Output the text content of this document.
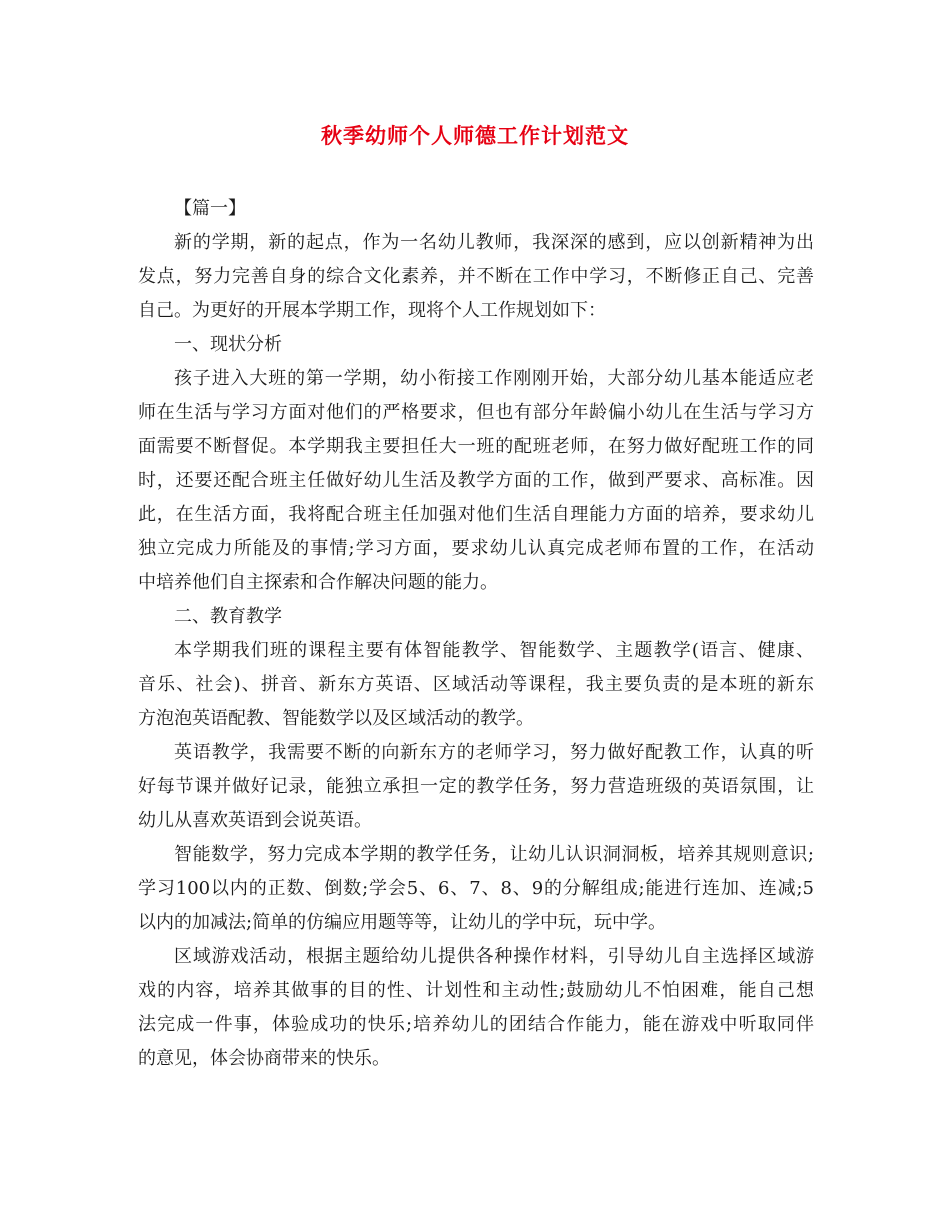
秋季幼师个人师德工作计划范文

【篇一】

新的学期，新的起点，作为一名幼儿教师，我深深的感到，应以创新精神为出

发点，努力完善自身的综合文化素养，并不断在工作中学习，不断修正自己、完善

自己。为更好的开展本学期工作，现将个人工作规划如下：

一、现状分析

孩子进入大班的第一学期，幼小衔接工作刚刚开始，大部分幼儿基本能适应老

师在生活与学习方面对他们的严格要求，但也有部分年龄偏小幼儿在生活与学习方

面需要不断督促。本学期我主要担任大一班的配班老师，在努力做好配班工作的同

时，还要还配合班主任做好幼儿生活及教学方面的工作，做到严要求、高标准。因

此，在生活方面，我将配合班主任加强对他们生活自理能力方面的培养，要求幼儿

独立完成力所能及的事情;学习方面，要求幼儿认真完成老师布置的工作，在活动

中培养他们自主探索和合作解决问题的能力。

二、教育教学

本学期我们班的课程主要有体智能教学、智能数学、主题教学(语言、健康、

音乐、社会)、拼音、新东方英语、区域活动等课程，我主要负责的是本班的新东

方泡泡英语配教、智能数学以及区域活动的教学。

英语教学，我需要不断的向新东方的老师学习，努力做好配教工作，认真的听

好每节课并做好记录，能独立承担一定的教学任务，努力营造班级的英语氛围，让

幼儿从喜欢英语到会说英语。

智能数学，努力完成本学期的教学任务，让幼儿认识洞洞板，培养其规则意识;

学习100以内的正数、倒数;学会5、6、7、8、9的分解组成;能进行连加、连减;5

以内的加减法;简单的仿编应用题等等，让幼儿的学中玩，玩中学。

区域游戏活动，根据主题给幼儿提供各种操作材料，引导幼儿自主选择区域游

戏的内容，培养其做事的目的性、计划性和主动性;鼓励幼儿不怕困难，能自己想

法完成一件事，体验成功的快乐;培养幼儿的团结合作能力，能在游戏中听取同伴

的意见，体会协商带来的快乐。
